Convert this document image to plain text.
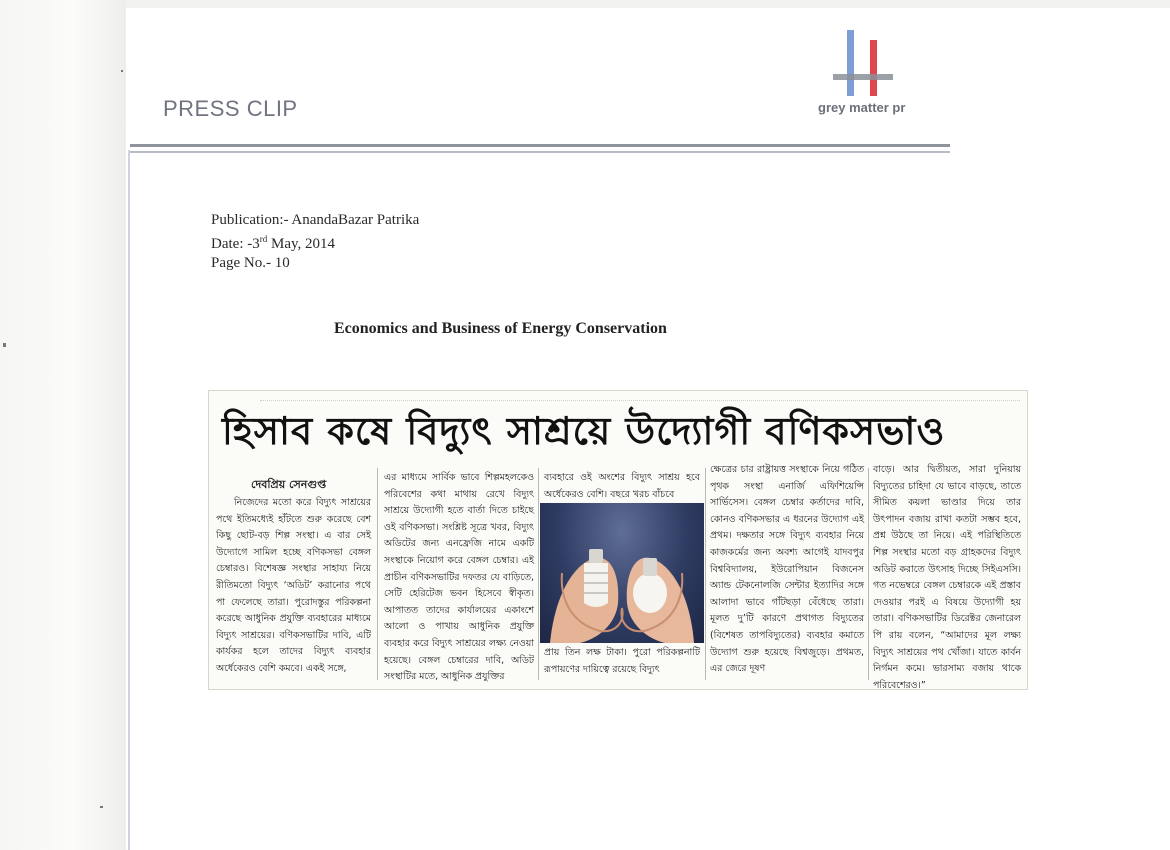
PRESS CLIP	grey matter pr
Publication:- AnandaBazar Patrika
Date: -3rd May, 2014
Page No.- 10
Economics and Business of Energy Conservation
হিসাব কষে বিদ্যুৎ সাশ্রয়ে উদ্যোগী বণিকসভাও
দেবপ্রিয় সেনগুপ্ত
নিজেদের মতো করে বিদ্যুৎ সাশ্রয়ের পথে ইতিমধ্যেই হাঁটতে শুরু করেছে বেশ কিছু ছোট-বড় শিল্প সংস্থা। এ বার সেই উদ্যোগে সামিল হচ্ছে বণিকসভা বেঙ্গল চেম্বারও। বিশেষজ্ঞ সংস্থার সাহায্য নিয়ে রীতিমতো বিদ্যুৎ ‘অডিট’ করানোর পথে পা ফেলেছে তারা। পুরোদস্তুর পরিকল্পনা করেছে আধুনিক প্রযুক্তি ব্যবহারের মাধ্যমে বিদ্যুৎ সাশ্রয়ের। বণিকসভাটির দাবি, এটি কার্যকর হলে তাদের বিদ্যুৎ ব্যবহার অর্ধেকেরও বেশি কমবে। একই সঙ্গে,
এর মাধ্যমে সার্বিক ভাবে শিল্পমহলকেও পরিবেশের কথা মাথায় রেখে বিদ্যুৎ সাশ্রয়ে উদ্যোগী হতে বার্তা দিতে চাইছে ওই বণিকসভা। সংশ্লিষ্ট সূত্রে খবর, বিদ্যুৎ অডিটের জন্য এনফ্রেজি নামে একটি সংস্থাকে নিয়োগ করে বেঙ্গল চেম্বার। এই প্রাচীন বণিকসভাটির দফতর যে বাড়িতে, সেটি হেরিটেজ ভবন হিসেবে স্বীকৃত। আপাতত তাদের কার্যালয়ের একাংশে আলো ও পাখায় আধুনিক প্রযুক্তি ব্যবহার করে বিদ্যুৎ সাশ্রয়ের লক্ষ্য নেওয়া হয়েছে। বেঙ্গল চেম্বারের দাবি, অডিট সংস্থাটির মতে, আধুনিক প্রযুক্তির
ব্যবহারে ওই অংশের বিদ্যুৎ সাশ্রয় হবে অর্ধেকেরও বেশি। বছরে খরচ বাঁচবে
প্রায় তিন লক্ষ টাকা। পুরো পরিকল্পনাটি রূপায়ণের দায়িত্বে রয়েছে বিদ্যুৎ
ক্ষেত্রের চার রাষ্ট্রায়ত্ত সংস্থাকে নিয়ে গঠিত পৃথক সংস্থা এনার্জি এফিশিয়েন্সি সার্ভিসেস। বেঙ্গল চেম্বার কর্তাদের দাবি, কোনও বণিকসভার এ ধরনের উদ্যোগ এই প্রথম। দক্ষতার সঙ্গে বিদ্যুৎ ব্যবহার নিয়ে কাজকর্মের জন্য অবশ্য আগেই যাদবপুর বিশ্ববিদ্যালয়, ইউরোপিয়ান বিজনেস অ্যান্ড টেকনোলজি সেন্টার ইত্যাদির সঙ্গে আলাদা ভাবে গাঁটছড়া বেঁধেছে তারা। মূলত দু’টি কারণে প্রথাগত বিদ্যুতের (বিশেষত তাপবিদ্যুতের) ব্যবহার কমাতে উদ্যোগ শুরু হয়েছে বিশ্বজুড়ে। প্রথমত, এর জেরে দূষণ
বাড়ে। আর দ্বিতীয়ত, সারা দুনিয়ায় বিদ্যুতের চাহিদা যে ভাবে বাড়ছে, তাতে সীমিত কয়লা ভাণ্ডার দিয়ে তার উৎপাদন বজায় রাখা কতটা সম্ভব হবে, প্রশ্ন উঠছে তা নিয়ে। এই পরিস্থিতিতে শিল্প সংস্থার মতো বড় গ্রাহকদের বিদ্যুৎ অডিট করাতে উৎসাহ দিচ্ছে সিইএসসি। গত নভেম্বরে বেঙ্গল চেম্বারকে এই প্রস্তাব দেওয়ার পরই এ বিষয়ে উদ্যোগী হয় তারা। বণিকসভাটির ডিরেক্টর জেনারেল পি রায় বলেন, “আমাদের মূল লক্ষ্য বিদ্যুৎ সাশ্রয়ের পথ খোঁজা। যাতে কার্বন নির্গমন কমে। ভারসাম্য বজায় থাকে পরিবেশেরও।”
